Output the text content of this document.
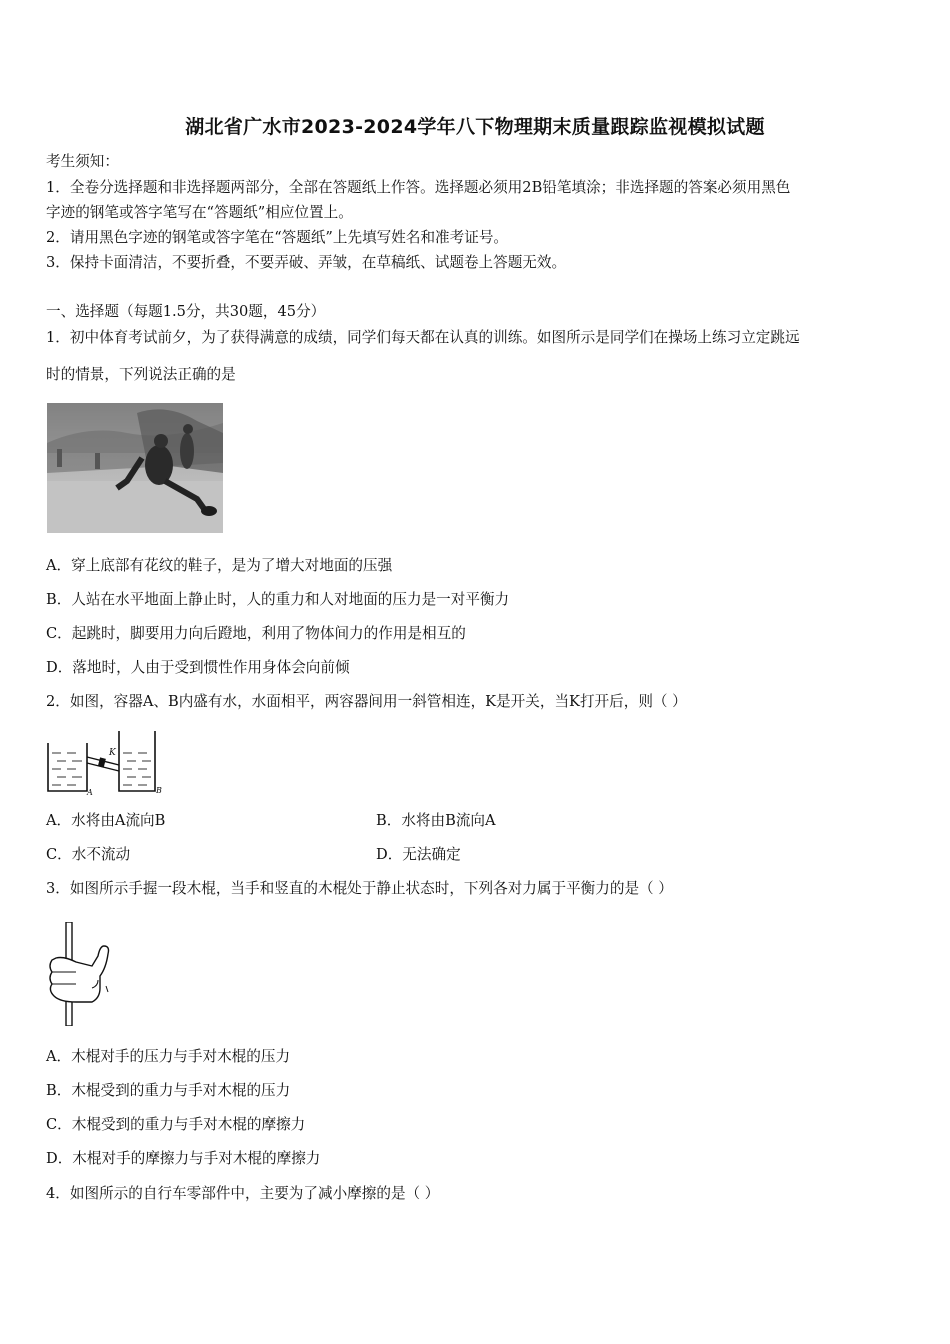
湖北省广水市2023-2024学年八下物理期末质量跟踪监视模拟试题
考生须知：
1．全卷分选择题和非选择题两部分，全部在答题纸上作答。选择题必须用2B铅笔填涂；非选择题的答案必须用黑色
字迹的钢笔或答字笔写在“答题纸”相应位置上。
2．请用黑色字迹的钢笔或答字笔在“答题纸”上先填写姓名和准考证号。
3．保持卡面清洁，不要折叠，不要弄破、弄皱，在草稿纸、试题卷上答题无效。
一、选择题（每题1.5分，共30题，45分）
1．初中体育考试前夕，为了获得满意的成绩，同学们每天都在认真的训练。如图所示是同学们在操场上练习立定跳远
时的情景，下列说法正确的是
A．穿上底部有花纹的鞋子，是为了增大对地面的压强
B．人站在水平地面上静止时，人的重力和人对地面的压力是一对平衡力
C．起跳时，脚要用力向后蹬地，利用了物体间力的作用是相互的
D．落地时，人由于受到惯性作用身体会向前倾
2．如图，容器A、B内盛有水，水面相平，两容器间用一斜管相连，K是开关，当K打开后，则（ ）
K
A	B
A．水将由A流向B	B．水将由B流向A
C．水不流动	D．无法确定
3．如图所示手握一段木棍，当手和竖直的木棍处于静止状态时，下列各对力属于平衡力的是（ ）
A．木棍对手的压力与手对木棍的压力
B．木棍受到的重力与手对木棍的压力
C．木棍受到的重力与手对木棍的摩擦力
D．木棍对手的摩擦力与手对木棍的摩擦力
4．如图所示的自行车零部件中，主要为了减小摩擦的是（ ）
